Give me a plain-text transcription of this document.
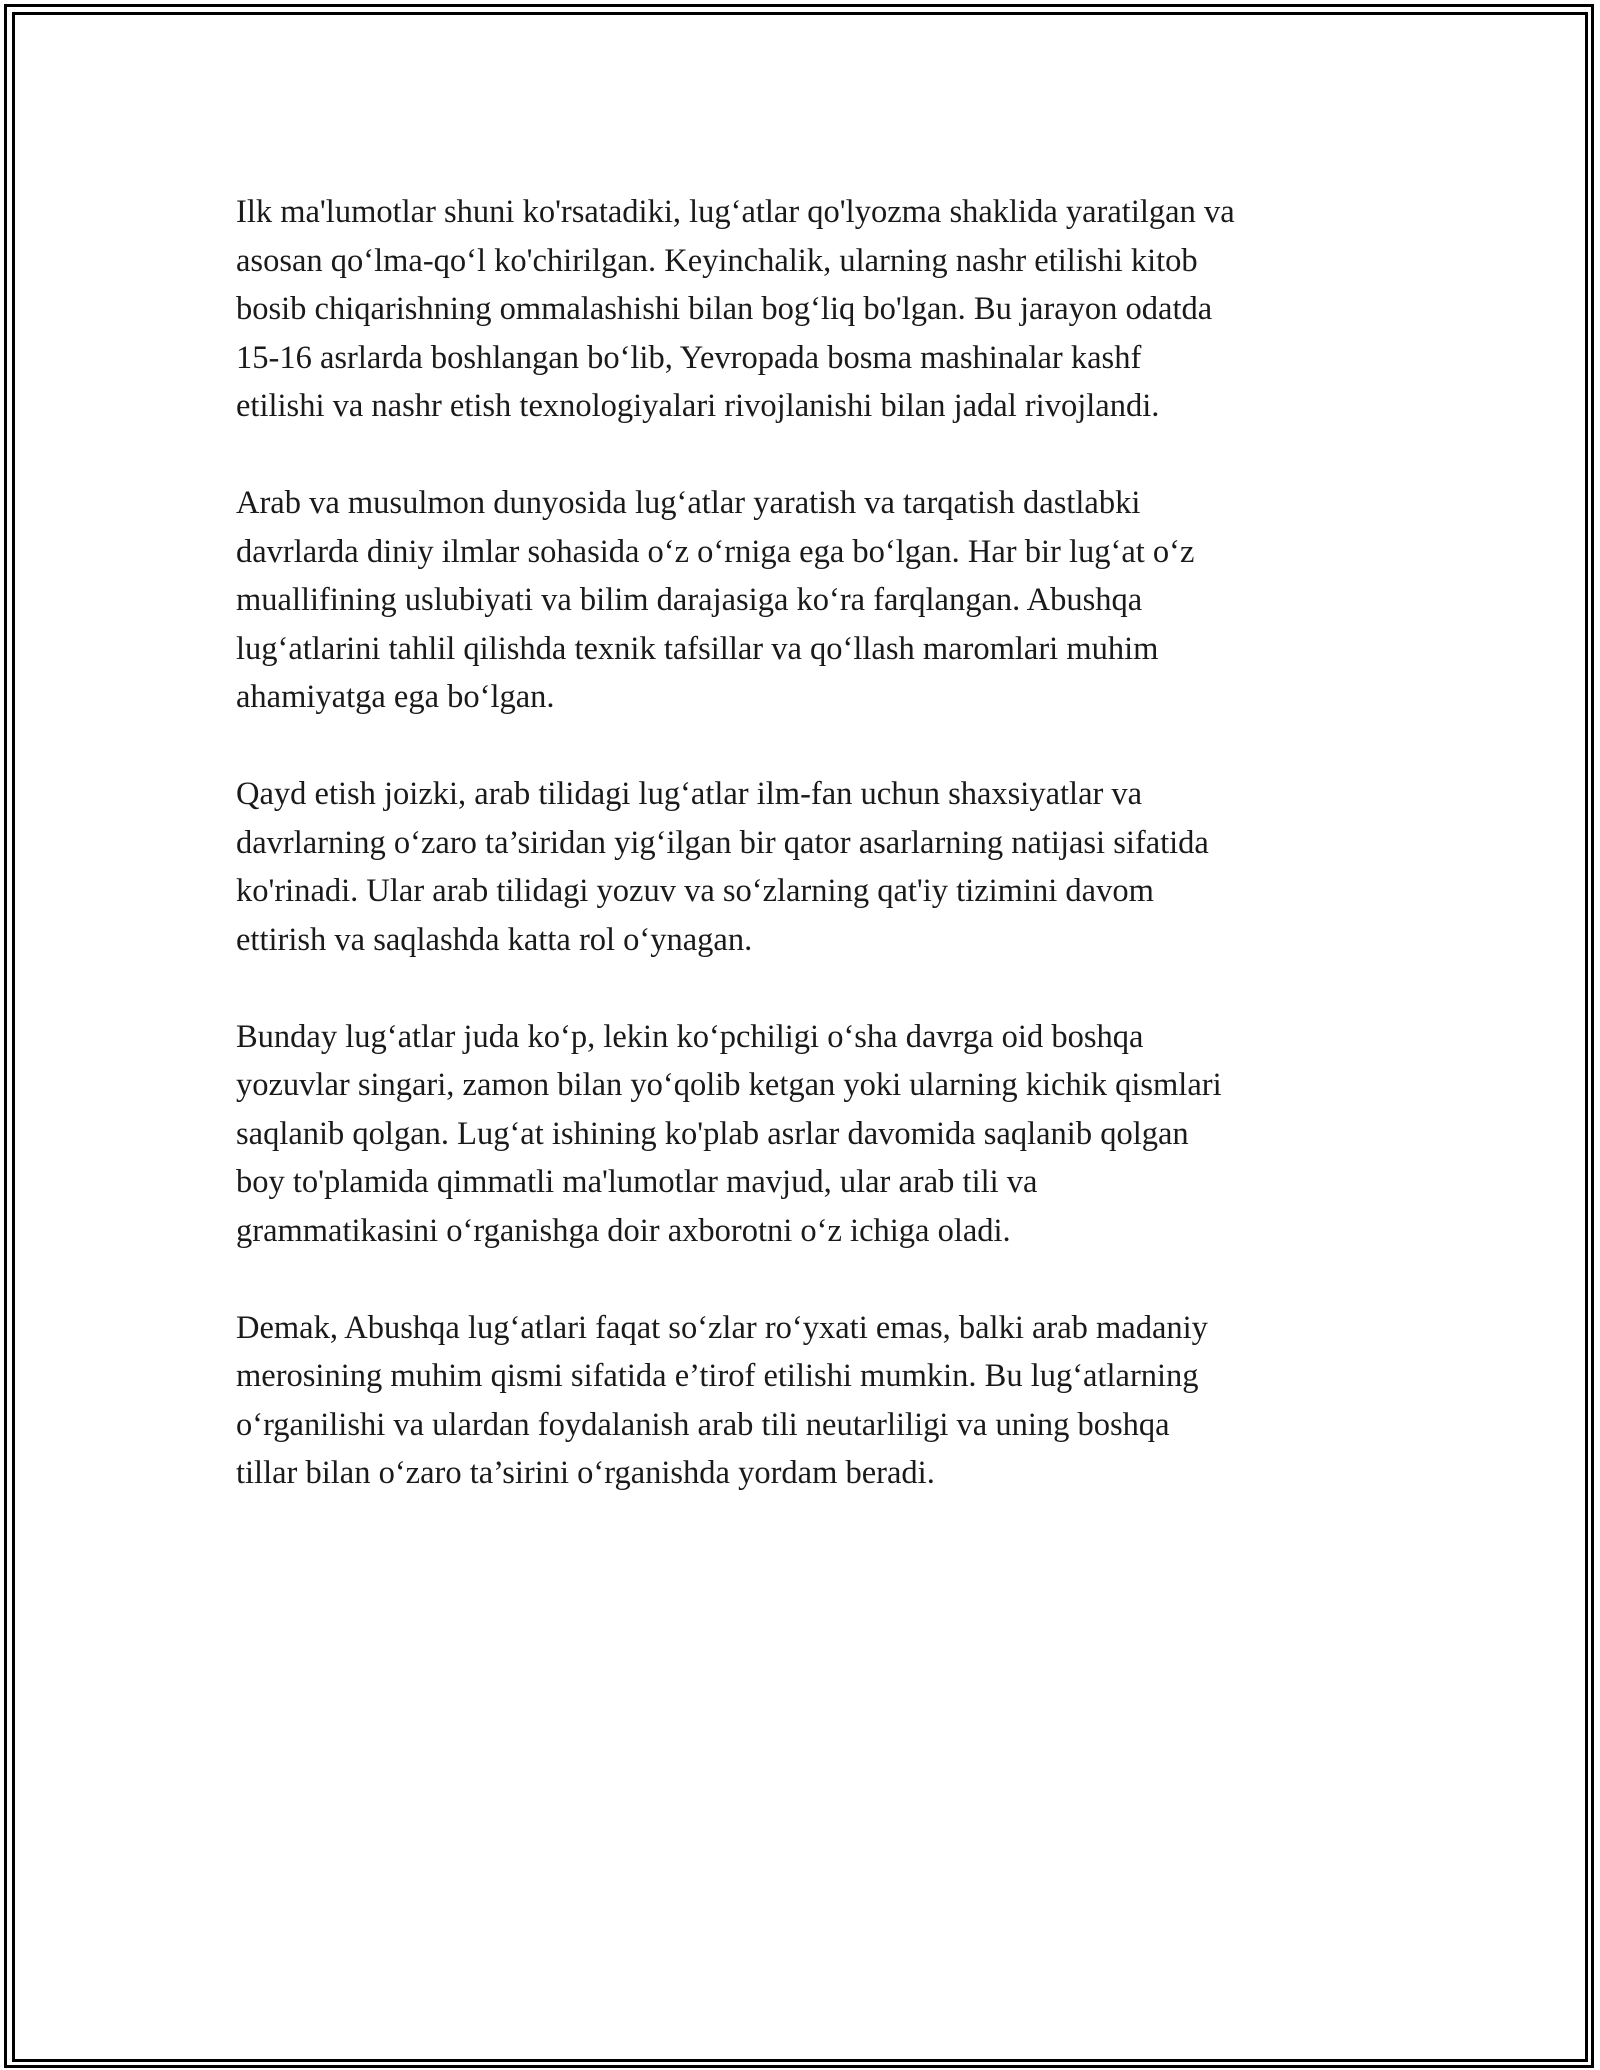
Ilk ma'lumotlar shuni ko'rsatadiki, lug‘atlar qo'lyozma shaklida yaratilgan va
asosan qo‘lma-qo‘l ko'chirilgan. Keyinchalik, ularning nashr etilishi kitob
bosib chiqarishning ommalashishi bilan bog‘liq bo'lgan. Bu jarayon odatda
15-16 asrlarda boshlangan bo‘lib, Yevropada bosma mashinalar kashf
etilishi va nashr etish texnologiyalari rivojlanishi bilan jadal rivojlandi.

Arab va musulmon dunyosida lug‘atlar yaratish va tarqatish dastlabki
davrlarda diniy ilmlar sohasida o‘z o‘rniga ega bo‘lgan. Har bir lug‘at o‘z
muallifining uslubiyati va bilim darajasiga ko‘ra farqlangan. Abushqa
lug‘atlarini tahlil qilishda texnik tafsillar va qo‘llash maromlari muhim
ahamiyatga ega bo‘lgan.

Qayd etish joizki, arab tilidagi lug‘atlar ilm-fan uchun shaxsiyatlar va
davrlarning o‘zaro ta’siridan yig‘ilgan bir qator asarlarning natijasi sifatida
ko'rinadi. Ular arab tilidagi yozuv va so‘zlarning qat'iy tizimini davom
ettirish va saqlashda katta rol o‘ynagan.

Bunday lug‘atlar juda ko‘p, lekin ko‘pchiligi o‘sha davrga oid boshqa
yozuvlar singari, zamon bilan yo‘qolib ketgan yoki ularning kichik qismlari
saqlanib qolgan. Lug‘at ishining ko'plab asrlar davomida saqlanib qolgan
boy to'plamida qimmatli ma'lumotlar mavjud, ular arab tili va
grammatikasini o‘rganishga doir axborotni o‘z ichiga oladi.

Demak, Abushqa lug‘atlari faqat so‘zlar ro‘yxati emas, balki arab madaniy
merosining muhim qismi sifatida e’tirof etilishi mumkin. Bu lug‘atlarning
o‘rganilishi va ulardan foydalanish arab tili neutarliligi va uning boshqa
tillar bilan o‘zaro ta’sirini o‘rganishda yordam beradi.
